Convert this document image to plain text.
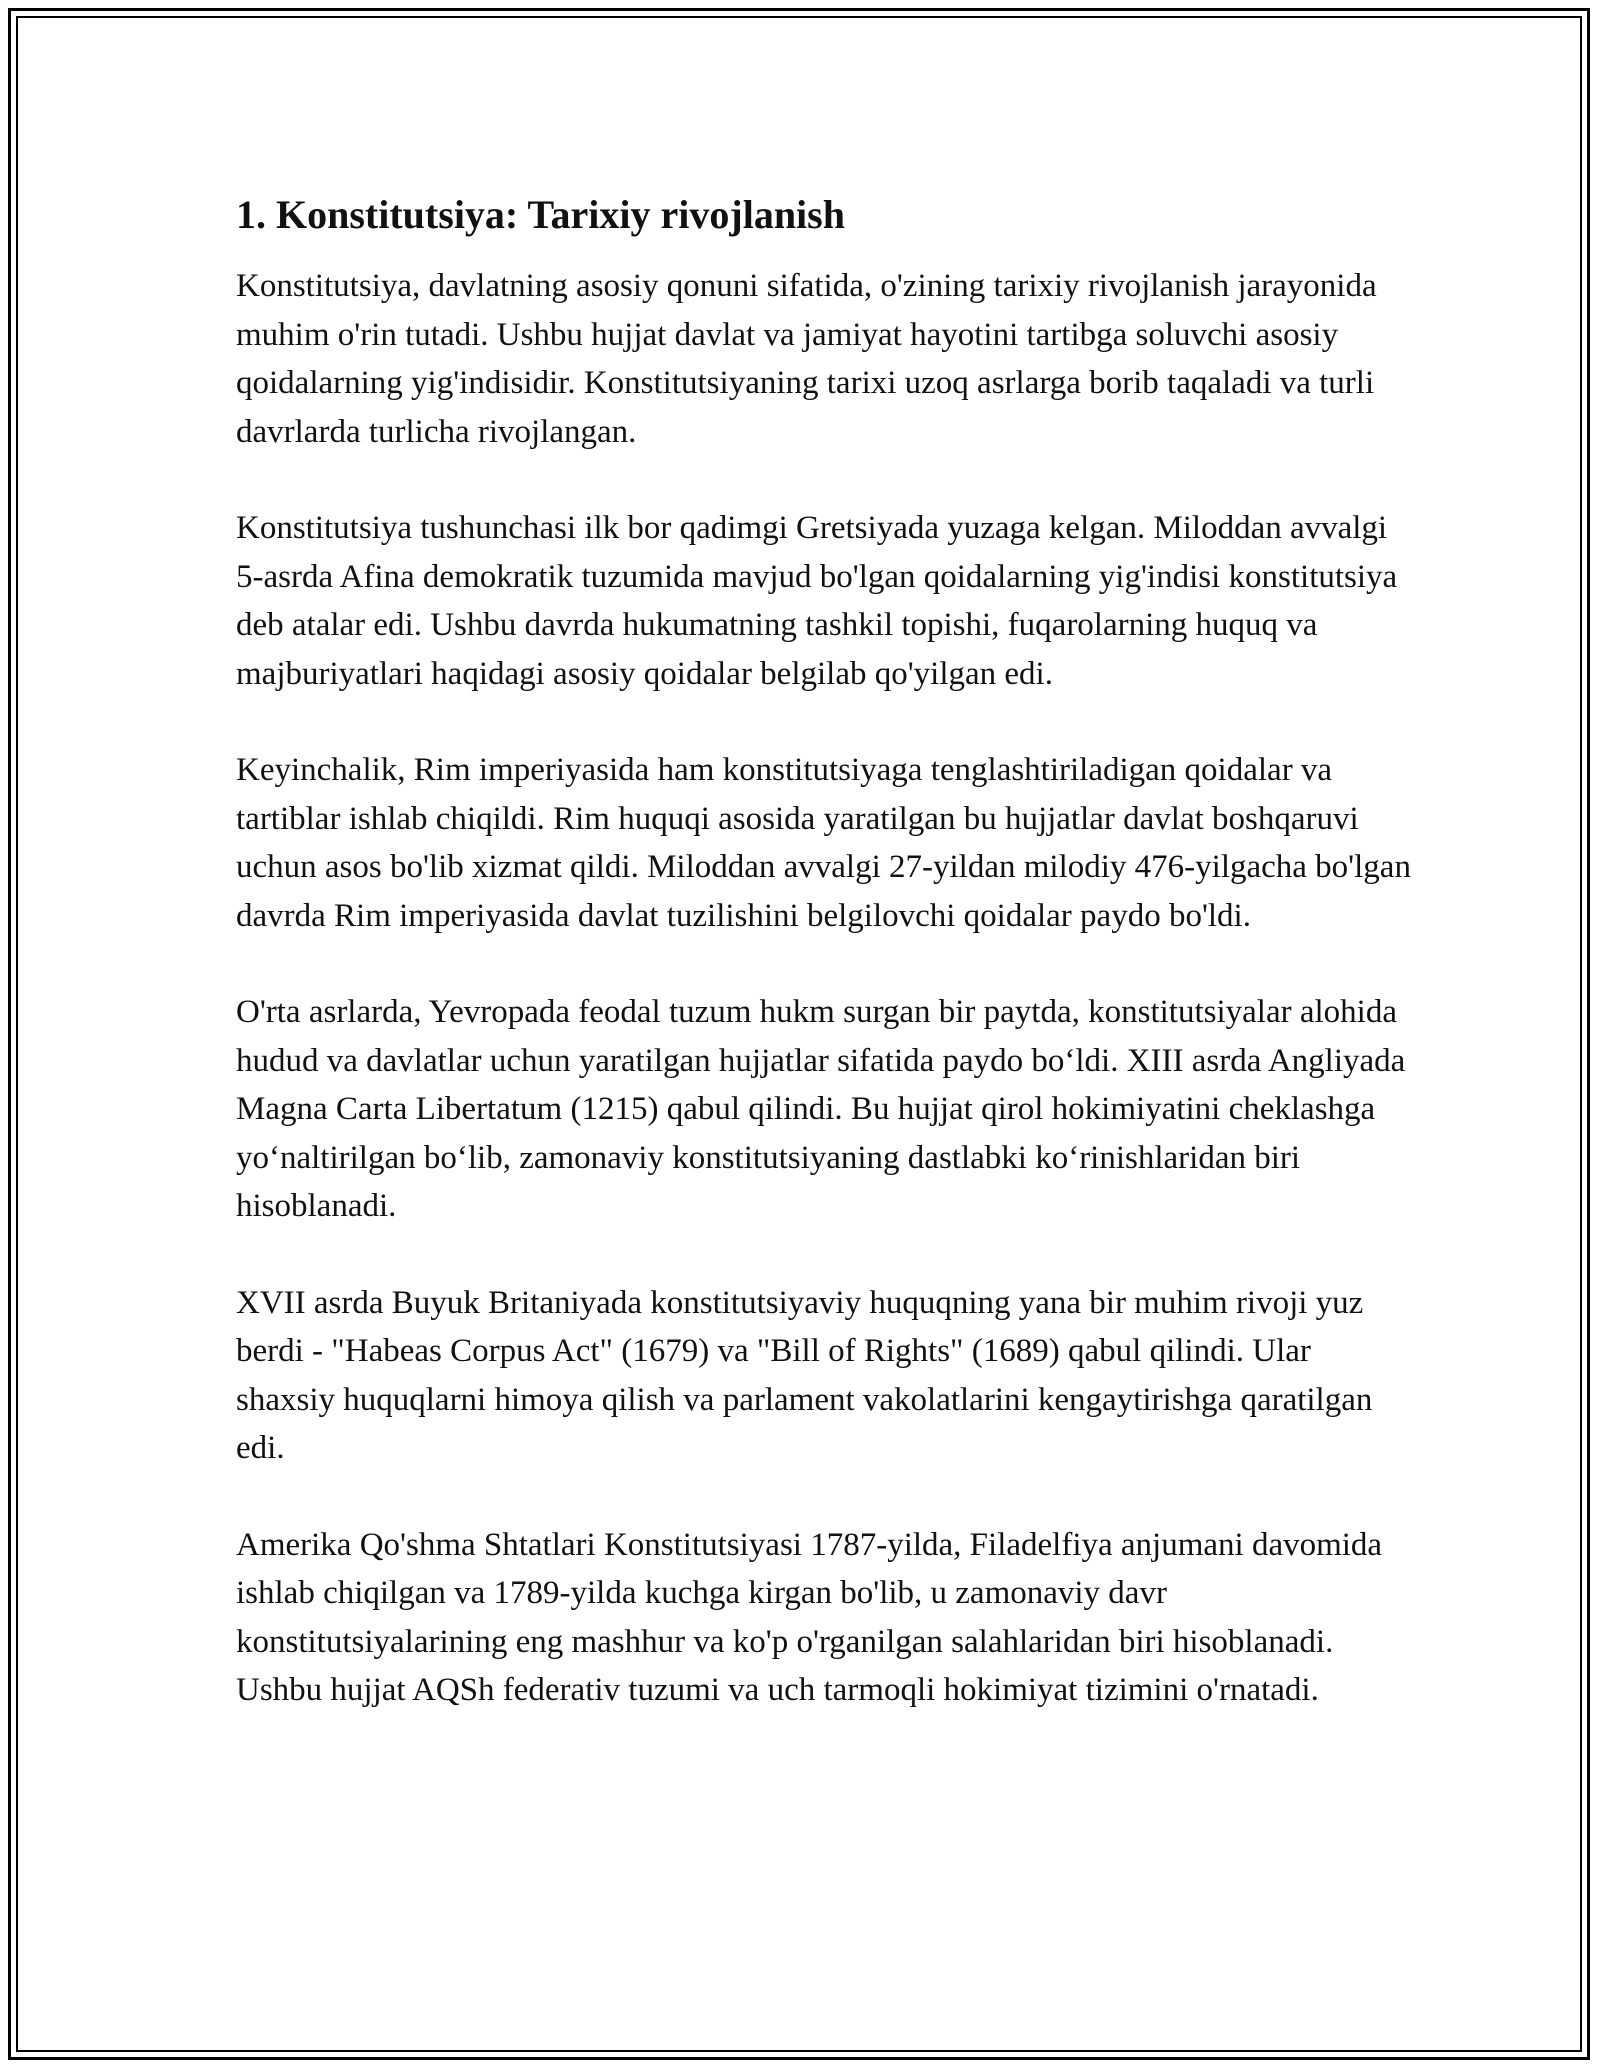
1. Konstitutsiya: Tarixiy rivojlanish

Konstitutsiya, davlatning asosiy qonuni sifatida, o'zining tarixiy rivojlanish jarayonida muhim o'rin tutadi. Ushbu hujjat davlat va jamiyat hayotini tartibga soluvchi asosiy qoidalarning yig'indisidir. Konstitutsiyaning tarixi uzoq asrlarga borib taqaladi va turli davrlarda turlicha rivojlangan.

Konstitutsiya tushunchasi ilk bor qadimgi Gretsiyada yuzaga kelgan. Miloddan avvalgi 5-asrda Afina demokratik tuzumida mavjud bo'lgan qoidalarning yig'indisi konstitutsiya deb atalar edi. Ushbu davrda hukumatning tashkil topishi, fuqarolarning huquq va majburiyatlari haqidagi asosiy qoidalar belgilab qo'yilgan edi.

Keyinchalik, Rim imperiyasida ham konstitutsiyaga tenglashtiriladigan qoidalar va tartiblar ishlab chiqildi. Rim huquqi asosida yaratilgan bu hujjatlar davlat boshqaruvi uchun asos bo'lib xizmat qildi. Miloddan avvalgi 27-yildan milodiy 476-yilgacha bo'lgan davrda Rim imperiyasida davlat tuzilishini belgilovchi qoidalar paydo bo'ldi.

O'rta asrlarda, Yevropada feodal tuzum hukm surgan bir paytda, konstitutsiyalar alohida hudud va davlatlar uchun yaratilgan hujjatlar sifatida paydo bo‘ldi. XIII asrda Angliyada Magna Carta Libertatum (1215) qabul qilindi. Bu hujjat qirol hokimiyatini cheklashga yo‘naltirilgan bo‘lib, zamonaviy konstitutsiyaning dastlabki ko‘rinishlaridan biri hisoblanadi.

XVII asrda Buyuk Britaniyada konstitutsiyaviy huquqning yana bir muhim rivoji yuz berdi - "Habeas Corpus Act" (1679) va "Bill of Rights" (1689) qabul qilindi. Ular shaxsiy huquqlarni himoya qilish va parlament vakolatlarini kengaytirishga qaratilgan edi.

Amerika Qo'shma Shtatlari Konstitutsiyasi 1787-yilda, Filadelfiya anjumani davomida ishlab chiqilgan va 1789-yilda kuchga kirgan bo'lib, u zamonaviy davr konstitutsiyalarining eng mashhur va ko'p o'rganilgan salahlaridan biri hisoblanadi. Ushbu hujjat AQSh federativ tuzumi va uch tarmoqli hokimiyat tizimini o'rnatadi.
